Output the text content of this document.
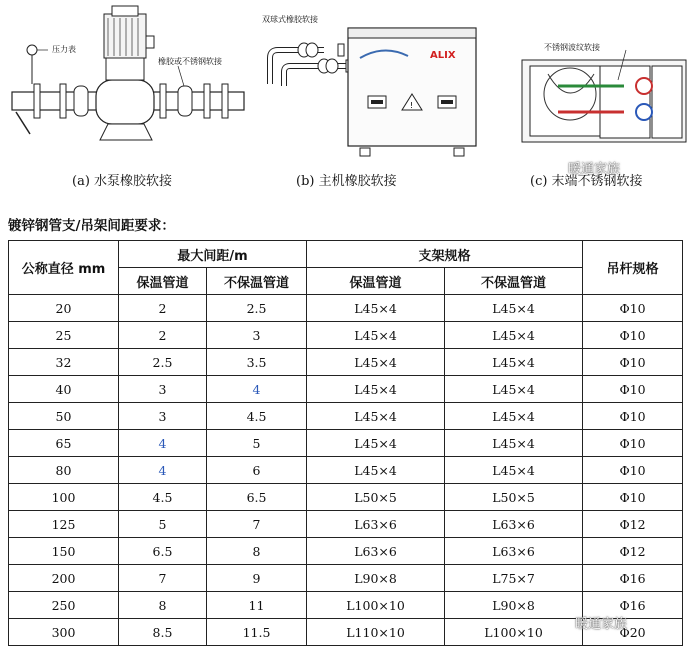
压力表
橡胶或不锈钢软接
(a) 水泵橡胶软接
!
ALIX
双球式橡胶软接
(b) 主机橡胶软接
不锈钢波纹软接
(c) 末端不锈钢软接
暖通家族
镀锌钢管支/吊架间距要求：
公称直径 mm	最大间距/m		支架规格		吊杆规格
	保温管道	不保温管道	保温管道	不保温管道	
20	2	2.5	L45×4	L45×4	Φ10
25	2	3	L45×4	L45×4	Φ10
32	2.5	3.5	L45×4	L45×4	Φ10
40	3	4	L45×4	L45×4	Φ10
50	3	4.5	L45×4	L45×4	Φ10
65	4	5	L45×4	L45×4	Φ10
80	4	6	L45×4	L45×4	Φ10
100	4.5	6.5	L50×5	L50×5	Φ10
125	5	7	L63×6	L63×6	Φ12
150	6.5	8	L63×6	L63×6	Φ12
200	7	9	L90×8	L75×7	Φ16
250	8	11	L100×10	L90×8	Φ16
300	8.5	11.5	L110×10	L100×10	Φ20
暖通家族
